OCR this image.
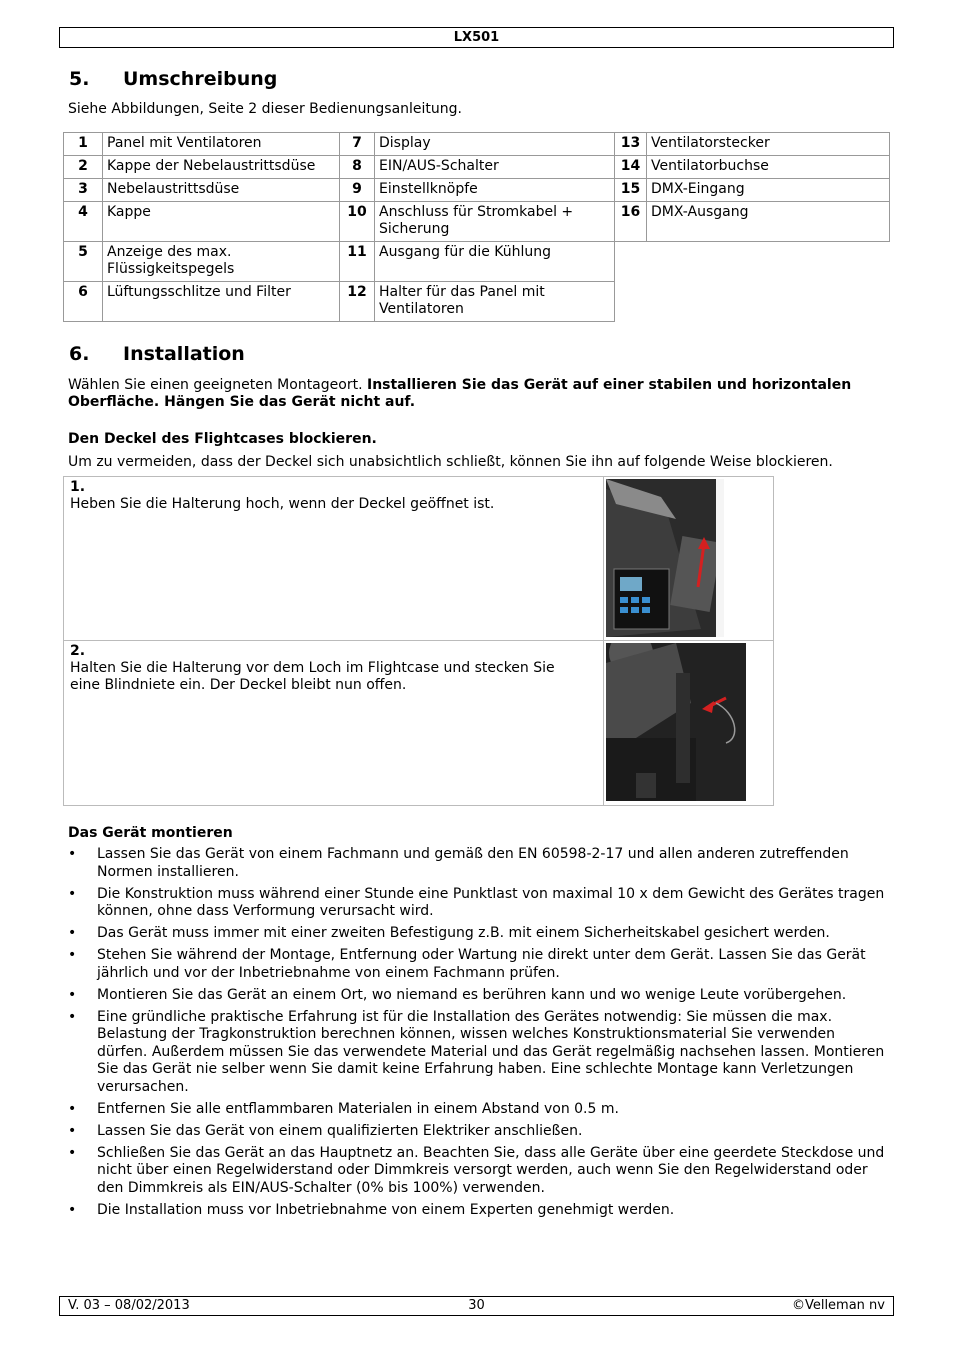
LX501
5. Umschreibung
Siehe Abbildungen, Seite 2 dieser Bedienungsanleitung.
1	Panel mit Ventilatoren	7	Display	13	Ventilatorstecker
2	Kappe der Nebelaustrittsdüse	8	EIN/AUS-Schalter	14	Ventilatorbuchse
3	Nebelaustrittsdüse	9	Einstellknöpfe	15	DMX-Eingang
4	Kappe	10	Anschluss für Stromkabel + Sicherung	16	DMX-Ausgang
5	Anzeige des max. Flüssigkeitspegels	11	Ausgang für die Kühlung		
6	Lüftungsschlitze und Filter	12	Halter für das Panel mit Ventilatoren		
6. Installation
Wählen Sie einen geeigneten Montageort. Installieren Sie das Gerät auf einer stabilen und horizontalen Oberfläche. Hängen Sie das Gerät nicht auf.
Den Deckel des Flightcases blockieren.
Um zu vermeiden, dass der Deckel sich unabsichtlich schließt, können Sie ihn auf folgende Weise blockieren.
1.Heben Sie die Halterung hoch, wenn der Deckel geöffnet ist.

2.Halten Sie die Halterung vor dem Loch im Flightcase und stecken Sie eine Blindniete ein. Der Deckel bleibt nun offen.

Das Gerät montieren
• Lassen Sie das Gerät von einem Fachmann und gemäß den EN 60598-2-17 und allen anderen zutreffenden Normen installieren.
• Die Konstruktion muss während einer Stunde eine Punktlast von maximal 10 x dem Gewicht des Gerätes tragen können, ohne dass Verformung verursacht wird.
• Das Gerät muss immer mit einer zweiten Befestigung z.B. mit einem Sicherheitskabel gesichert werden.
• Stehen Sie während der Montage, Entfernung oder Wartung nie direkt unter dem Gerät. Lassen Sie das Gerät jährlich und vor der Inbetriebnahme von einem Fachmann prüfen.
• Montieren Sie das Gerät an einem Ort, wo niemand es berühren kann und wo wenige Leute vorübergehen.
• Eine gründliche praktische Erfahrung ist für die Installation des Gerätes notwendig: Sie müssen die max. Belastung der Tragkonstruktion berechnen können, wissen welches Konstruktionsmaterial Sie verwenden dürfen. Außerdem müssen Sie das verwendete Material und das Gerät regelmäßig nachsehen lassen. Montieren Sie das Gerät nie selber wenn Sie damit keine Erfahrung haben. Eine schlechte Montage kann Verletzungen verursachen.
• Entfernen Sie alle entflammbaren Materialen in einem Abstand von 0.5 m.
• Lassen Sie das Gerät von einem qualifizierten Elektriker anschließen.
• Schließen Sie das Gerät an das Hauptnetz an. Beachten Sie, dass alle Geräte über eine geerdete Steckdose und nicht über einen Regelwiderstand oder Dimmkreis versorgt werden, auch wenn Sie den Regelwiderstand oder den Dimmkreis als EIN/AUS-Schalter (0% bis 100%) verwenden.
• Die Installation muss vor Inbetriebnahme von einem Experten genehmigt werden.
30
V. 03 – 08/02/2013	©Velleman nv
